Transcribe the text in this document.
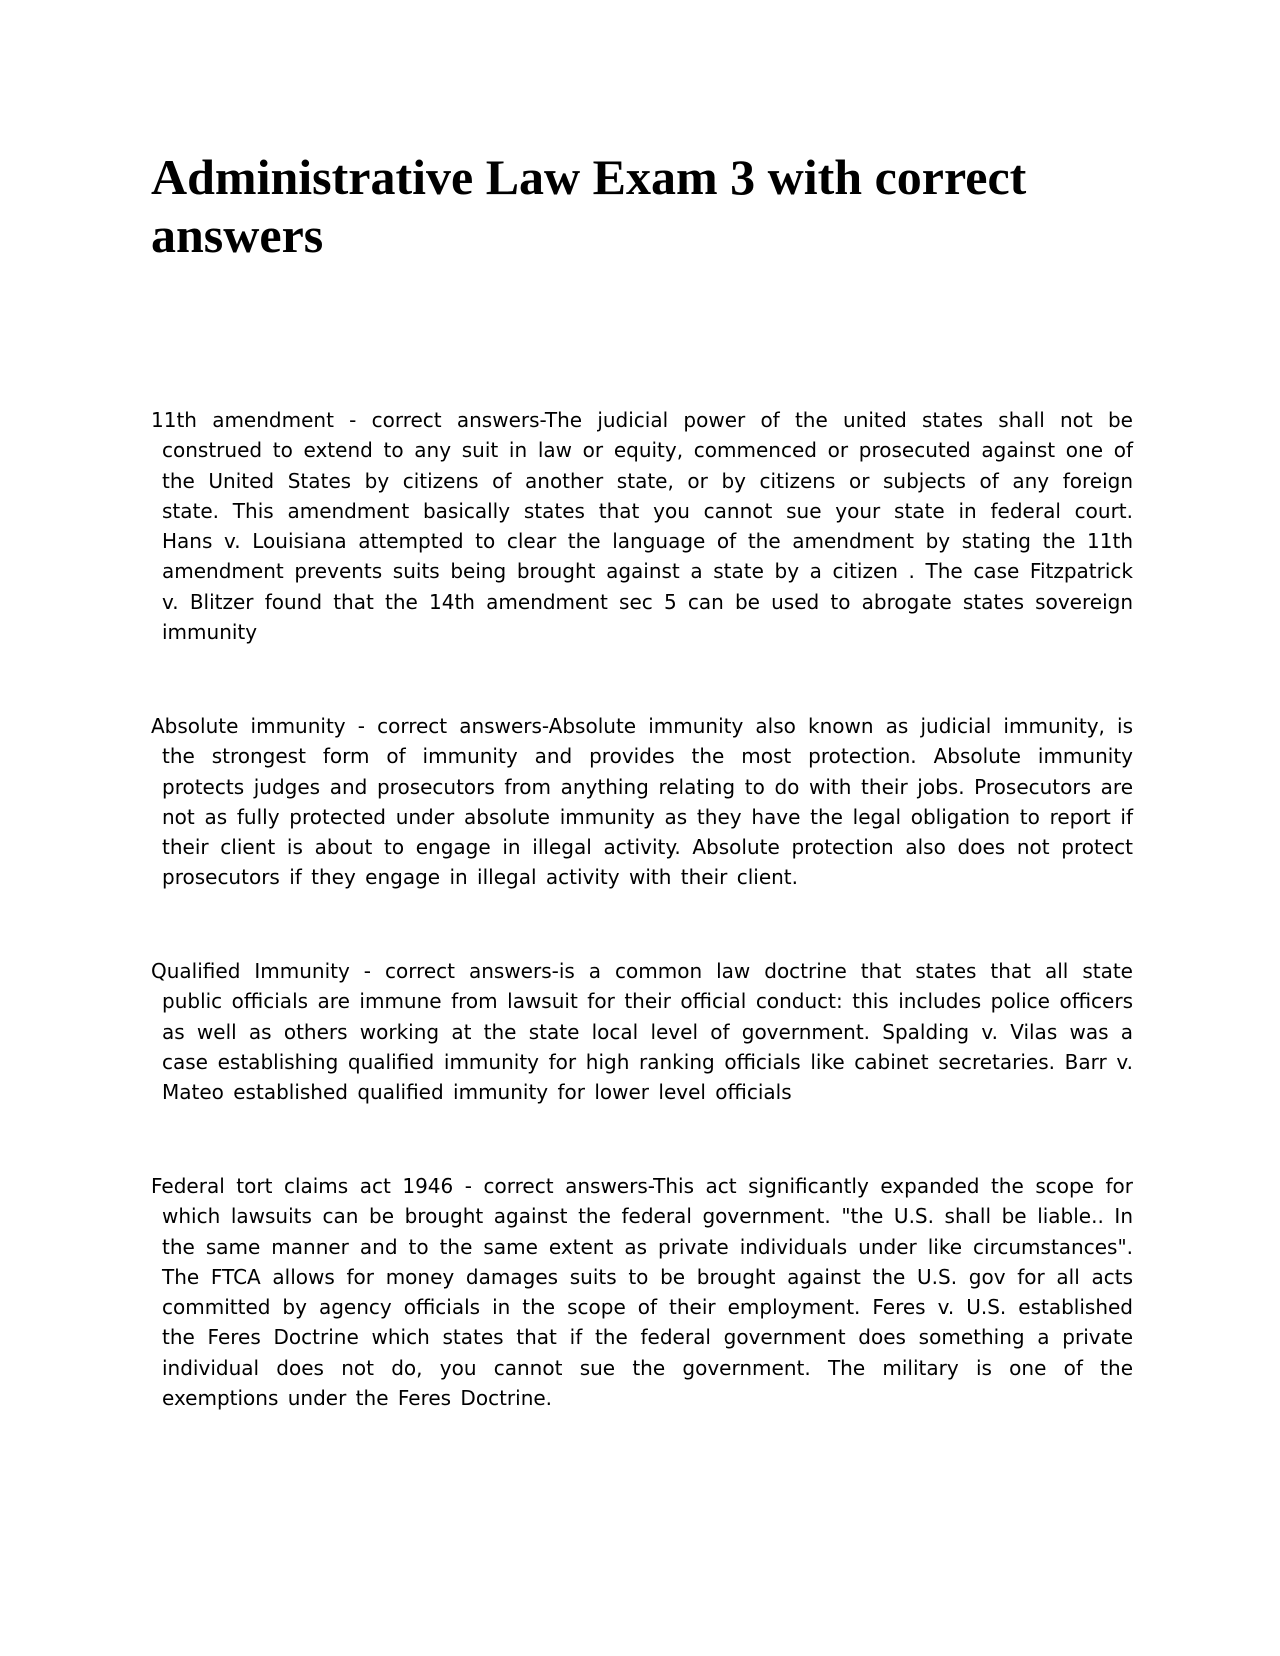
Administrative Law Exam 3 with correct answers

11th amendment - correct answers-The judicial power of the united states shall not be construed to extend to any suit in law or equity, commenced or prosecuted against one of the United States by citizens of another state, or by citizens or subjects of any foreign state. This amendment basically states that you cannot sue your state in federal court. Hans v. Louisiana attempted to clear the language of the amendment by stating the 11th amendment prevents suits being brought against a state by a citizen . The case Fitzpatrick v. Blitzer found that the 14th amendment sec 5 can be used to abrogate states sovereign immunity

Absolute immunity - correct answers-Absolute immunity also known as judicial immunity, is the strongest form of immunity and provides the most protection. Absolute immunity protects judges and prosecutors from anything relating to do with their jobs. Prosecutors are not as fully protected under absolute immunity as they have the legal obligation to report if their client is about to engage in illegal activity. Absolute protection also does not protect prosecutors if they engage in illegal activity with their client.

Qualified Immunity - correct answers-is a common law doctrine that states that all state public officials are immune from lawsuit for their official conduct: this includes police officers as well as others working at the state local level of government. Spalding v. Vilas was a case establishing qualified immunity for high ranking officials like cabinet secretaries. Barr v. Mateo established qualified immunity for lower level officials

Federal tort claims act 1946 - correct answers-This act significantly expanded the scope for which lawsuits can be brought against the federal government. "the U.S. shall be liable.. In the same manner and to the same extent as private individuals under like circumstances". The FTCA allows for money damages suits to be brought against the U.S. gov for all acts committed by agency officials in the scope of their employment. Feres v. U.S. established the Feres Doctrine which states that if the federal government does something a private individual does not do, you cannot sue the government. The military is one of the exemptions under the Feres Doctrine.
